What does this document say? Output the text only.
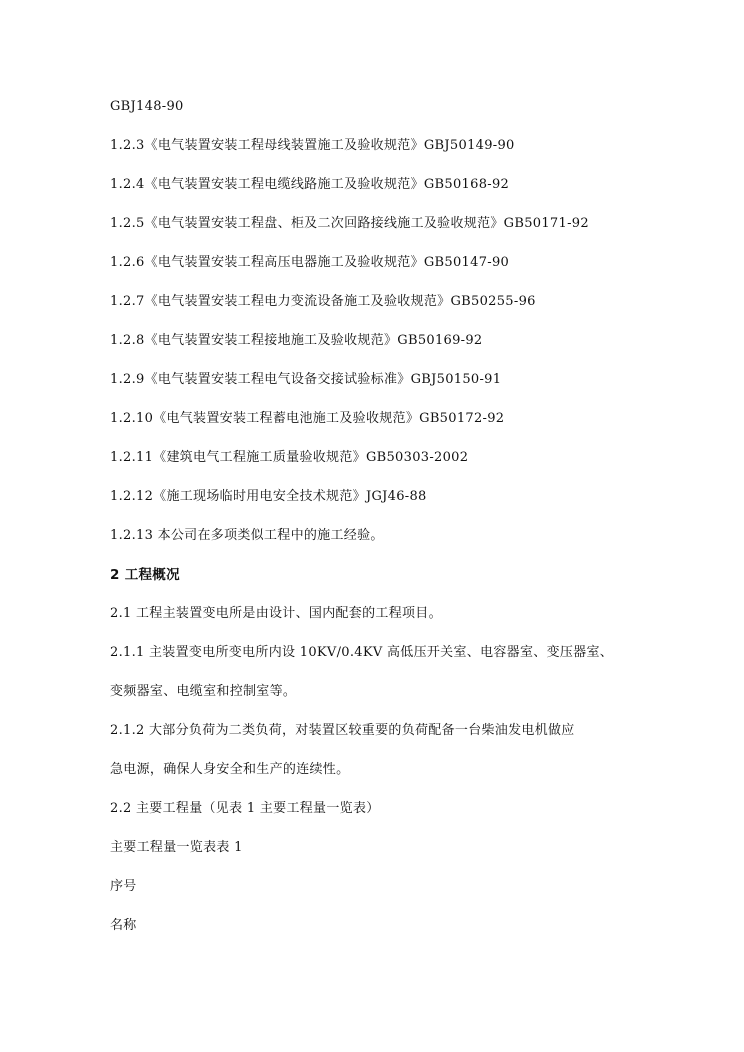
GBJ148-90
1.2.3《电气装置安装工程母线装置施工及验收规范》GBJ50149-90
1.2.4《电气装置安装工程电缆线路施工及验收规范》GB50168-92
1.2.5《电气装置安装工程盘、柜及二次回路接线施工及验收规范》GB50171-92
1.2.6《电气装置安装工程高压电器施工及验收规范》GB50147-90
1.2.7《电气装置安装工程电力变流设备施工及验收规范》GB50255-96
1.2.8《电气装置安装工程接地施工及验收规范》GB50169-92
1.2.9《电气装置安装工程电气设备交接试验标准》GBJ50150-91
1.2.10《电气装置安装工程蓄电池施工及验收规范》GB50172-92
1.2.11《建筑电气工程施工质量验收规范》GB50303-2002
1.2.12《施工现场临时用电安全技术规范》JGJ46-88
1.2.13 本公司在多项类似工程中的施工经验。
2 工程概况
2.1 工程主装置变电所是由设计、国内配套的工程项目。
2.1.1 主装置变电所变电所内设 10KV/0.4KV 高低压开关室、电容器室、变压器室、
变频器室、电缆室和控制室等。
2.1.2 大部分负荷为二类负荷，对装置区较重要的负荷配备一台柴油发电机做应
急电源，确保人身安全和生产的连续性。
2.2 主要工程量（见表 1 主要工程量一览表）
主要工程量一览表表 1
序号
名称
